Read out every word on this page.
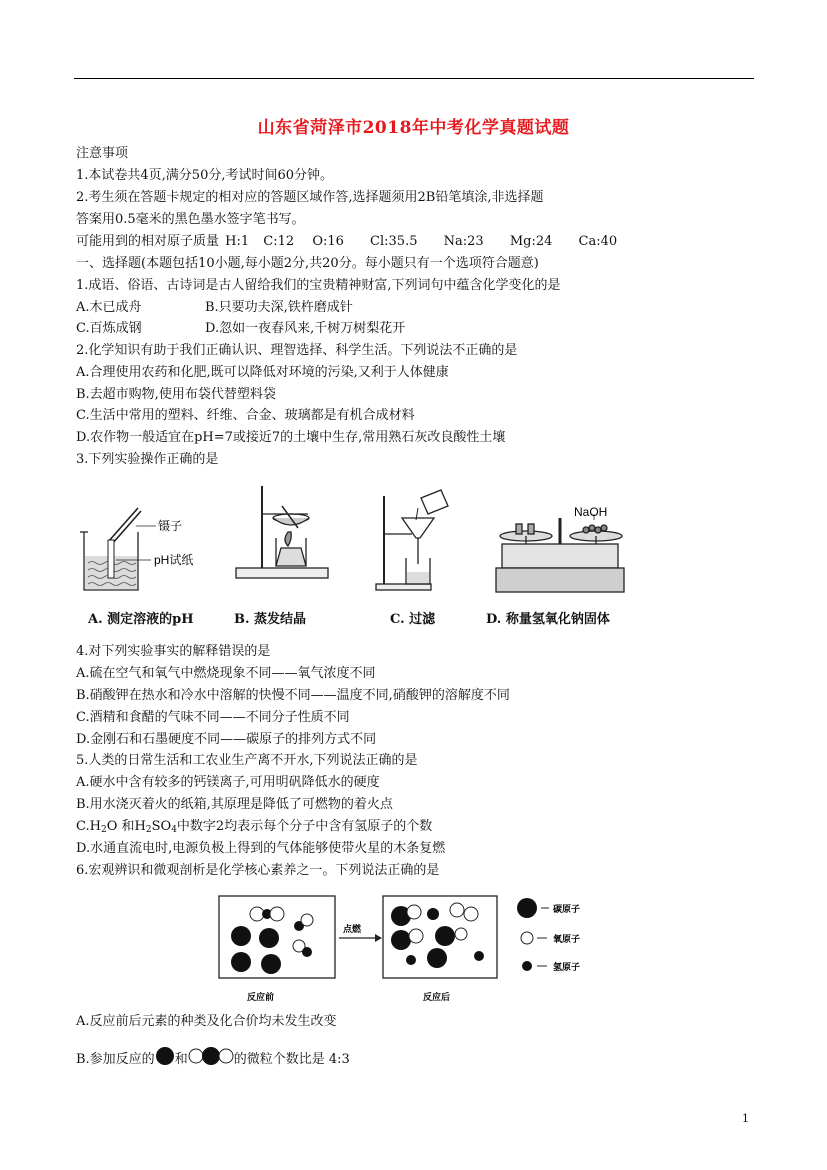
山东省菏泽市2018年中考化学真题试题
注意事项
1.本试卷共4页,满分50分,考试时间60分钟。
2.考生须在答题卡规定的相对应的答题区域作答,选择题须用2B铅笔填涂,非选择题
答案用0.5毫米的黑色墨水签字笔书写。
可能用到的相对原子质量 H:1 C:12 O:16 Cl:35.5 Na:23 Mg:24 Ca:40
一、选择题(本题包括10小题,每小题2分,共20分。每小题只有一个选项符合题意)
1.成语、俗语、古诗词是古人留给我们的宝贵精神财富,下列词句中蕴含化学变化的是
A.木已成舟	B.只要功夫深,铁杵磨成针
C.百炼成钢	D.忽如一夜春风来,千树万树梨花开
2.化学知识有助于我们正确认识、理智选择、科学生活。下列说法不正确的是
A.合理使用农药和化肥,既可以降低对环境的污染,又利于人体健康
B.去超市购物,使用布袋代替塑料袋
C.生活中常用的塑料、纤维、合金、玻璃都是有机合成材料
D.农作物一般适宜在pH=7或接近7的土壤中生存,常用熟石灰改良酸性土壤
3.下列实验操作正确的是
镊子
pH试纸
NaOH
A. 测定溶液的pH	B. 蒸发结晶	C. 过滤	D. 称量氢氧化钠固体
4.对下列实验事实的解释错误的是
A.硫在空气和氧气中燃烧现象不同——氧气浓度不同
B.硝酸钾在热水和冷水中溶解的快慢不同——温度不同,硝酸钾的溶解度不同
C.酒精和食醋的气味不同——不同分子性质不同
D.金刚石和石墨硬度不同——碳原子的排列方式不同
5.人类的日常生活和工农业生产离不开水,下列说法正确的是
A.硬水中含有较多的钙镁离子,可用明矾降低水的硬度
B.用水浇灭着火的纸箱,其原理是降低了可燃物的着火点
$C.H_2O$ 和$H_2SO_4$中数字2均表示每个分子中含有氢原子的个数
D.水通直流电时,电源负极上得到的气体能够使带火星的木条复燃
6.宏观辨识和微观剖析是化学核心素养之一。下列说法正确的是
点燃
反应前	反应后
碳原子
氧原子
氢原子
A.反应前后元素的种类及化合价均未发生改变
B.参加反应的 和	的微粒个数比是 4:3
1
